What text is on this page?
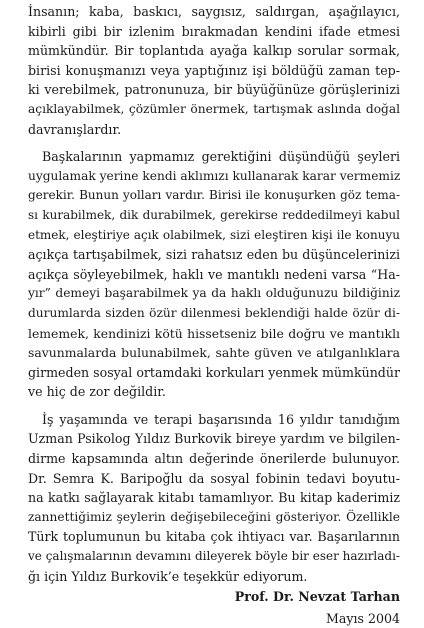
İnsanın; kaba, baskıcı, saygısız, saldırgan, aşağılayıcı,
kibirli gibi bir izlenim bırakmadan kendini ifade etmesi
mümkündür. Bir toplantıda ayağa kalkıp sorular sormak,
birisi konuşmanızı veya yaptığınız işi böldüğü zaman tep-
ki verebilmek, patronunuza, bir büyüğünüze görüşlerinizi
açıklayabilmek, çözümler önermek, tartışmak aslında doğal
davranışlardır.
Başkalarının yapmamız gerektiğini düşündüğü şeyleri
uygulamak yerine kendi aklımızı kullanarak karar vermemiz
gerekir. Bunun yolları vardır. Birisi ile konuşurken göz tema-
sı kurabilmek, dik durabilmek, gerekirse reddedilmeyi kabul
etmek, eleştiriye açık olabilmek, sizi eleştiren kişi ile konuyu
açıkça tartışabilmek, sizi rahatsız eden bu düşüncelerinizi
açıkça söyleyebilmek, haklı ve mantıklı nedeni varsa “Ha-
yır” demeyi başarabilmek ya da haklı olduğunuzu bildiğiniz
durumlarda sizden özür dilenmesi beklendiği halde özür di-
lememek, kendinizi kötü hissetseniz bile doğru ve mantıklı
savunmalarda bulunabilmek, sahte güven ve atılganlıklara
girmeden sosyal ortamdaki korkuları yenmek mümkündür
ve hiç de zor değildir.
İş yaşamında ve terapi başarısında 16 yıldır tanıdığım
Uzman Psikolog Yıldız Burkovik bireye yardım ve bilgilen-
dirme kapsamında altın değerinde önerilerde bulunuyor.
Dr. Semra K. Baripoğlu da sosyal fobinin tedavi boyutu-
na katkı sağlayarak kitabı tamamlıyor. Bu kitap kaderimiz
zannettiğimiz şeylerin değişebileceğini gösteriyor. Özellikle
Türk toplumunun bu kitaba çok ihtiyacı var. Başarılarının
ve çalışmalarının devamını dileyerek böyle bir eser hazırladı-
ğı için Yıldız Burkovik’e teşekkür ediyorum.
Prof. Dr. Nevzat Tarhan
Mayıs 2004
